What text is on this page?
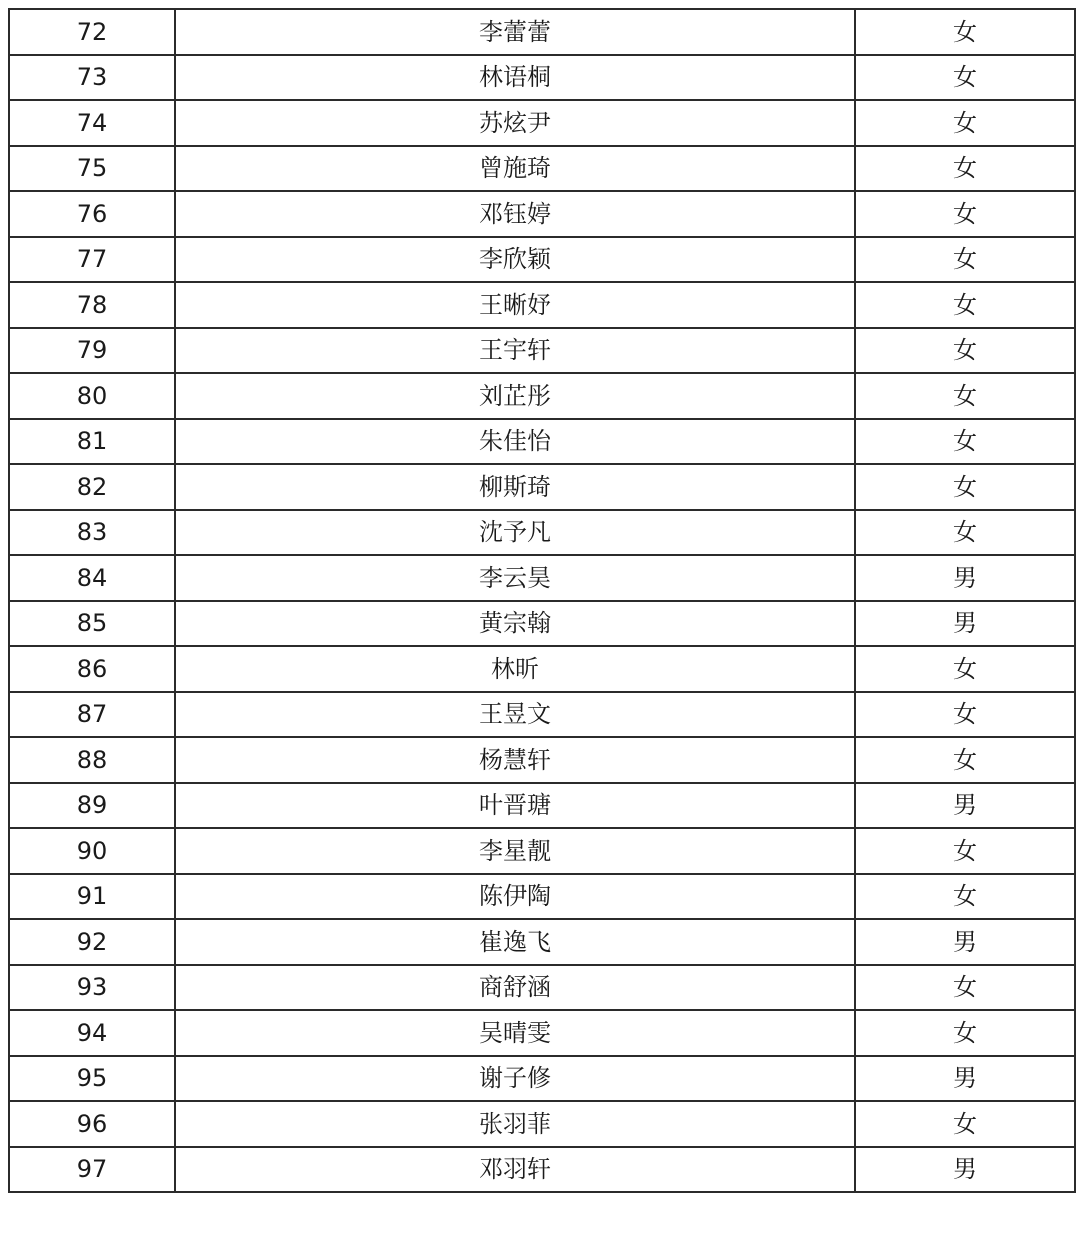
72	李蕾蕾	女
73	林语桐	女
74	苏炫尹	女
75	曾施琦	女
76	邓钰婷	女
77	李欣颖	女
78	王晰妤	女
79	王宇轩	女
80	刘芷彤	女
81	朱佳怡	女
82	柳斯琦	女
83	沈予凡	女
84	李云昊	男
85	黄宗翰	男
86	林昕	女
87	王昱文	女
88	杨慧轩	女
89	叶晋瑭	男
90	李星靓	女
91	陈伊陶	女
92	崔逸飞	男
93	商舒涵	女
94	吴晴雯	女
95	谢子修	男
96	张羽菲	女
97	邓羽轩	男
